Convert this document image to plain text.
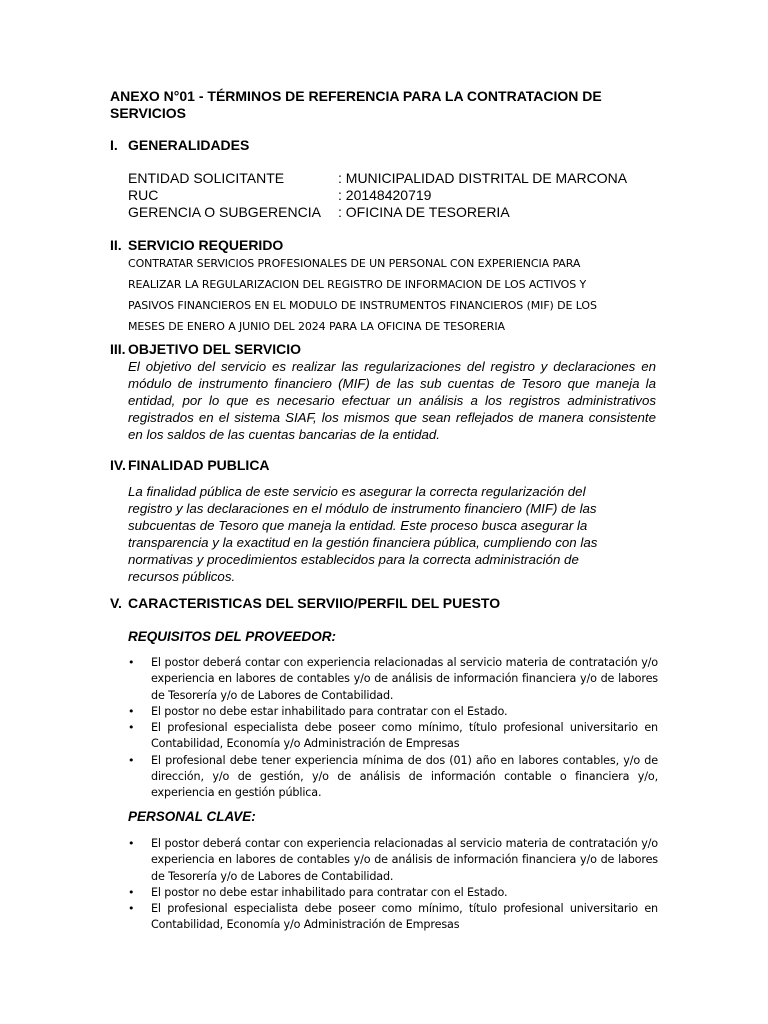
ANEXO N°01 - TÉRMINOS DE REFERENCIA PARA LA CONTRATACION DE SERVICIOS
I. GENERALIDADES
ENTIDAD SOLICITANTE	: MUNICIPALIDAD DISTRITAL DE MARCONA
RUC	: 20148420719
GERENCIA O SUBGERENCIA : OFICINA DE TESORERIA
II. SERVICIO REQUERIDO
CONTRATAR SERVICIOS PROFESIONALES DE UN PERSONAL CON EXPERIENCIA PARA
REALIZAR LA REGULARIZACION DEL REGISTRO DE INFORMACION DE LOS ACTIVOS Y
PASIVOS FINANCIEROS EN EL MODULO DE INSTRUMENTOS FINANCIEROS (MIF) DE LOS
MESES DE ENERO A JUNIO DEL 2024 PARA LA OFICINA DE TESORERIA
III. OBJETIVO DEL SERVICIO
El objetivo del servicio es realizar las regularizaciones del registro y declaraciones en módulo de instrumento financiero (MIF) de las sub cuentas de Tesoro que maneja la entidad, por lo que es necesario efectuar un análisis a los registros administrativos registrados en el sistema SIAF, los mismos que sean reflejados de manera consistente en los saldos de las cuentas bancarias de la entidad.
IV. FINALIDAD PUBLICA
La finalidad pública de este servicio es asegurar la correcta regularización del
registro y las declaraciones en el módulo de instrumento financiero (MIF) de las
subcuentas de Tesoro que maneja la entidad. Este proceso busca asegurar la
transparencia y la exactitud en la gestión financiera pública, cumpliendo con las
normativas y procedimientos establecidos para la correcta administración de
recursos públicos.
V. CARACTERISTICAS DEL SERVIIO/PERFIL DEL PUESTO
REQUISITOS DEL PROVEEDOR:
• El postor deberá contar con experiencia relacionadas al servicio materia de contratación y/o experiencia en labores de contables y/o de análisis de información financiera y/o de labores de Tesorería y/o de Labores de Contabilidad.
• El postor no debe estar inhabilitado para contratar con el Estado.
• El profesional especialista debe poseer como mínimo, título profesional universitario en Contabilidad, Economía y/o Administración de Empresas
• El profesional debe tener experiencia mínima de dos (01) año en labores contables, y/o de dirección, y/o de gestión, y/o de análisis de información contable o financiera y/o, experiencia en gestión pública.
PERSONAL CLAVE:
• El postor deberá contar con experiencia relacionadas al servicio materia de contratación y/o experiencia en labores de contables y/o de análisis de información financiera y/o de labores de Tesorería y/o de Labores de Contabilidad.
• El postor no debe estar inhabilitado para contratar con el Estado.
• El profesional especialista debe poseer como mínimo, título profesional universitario en Contabilidad, Economía y/o Administración de Empresas
